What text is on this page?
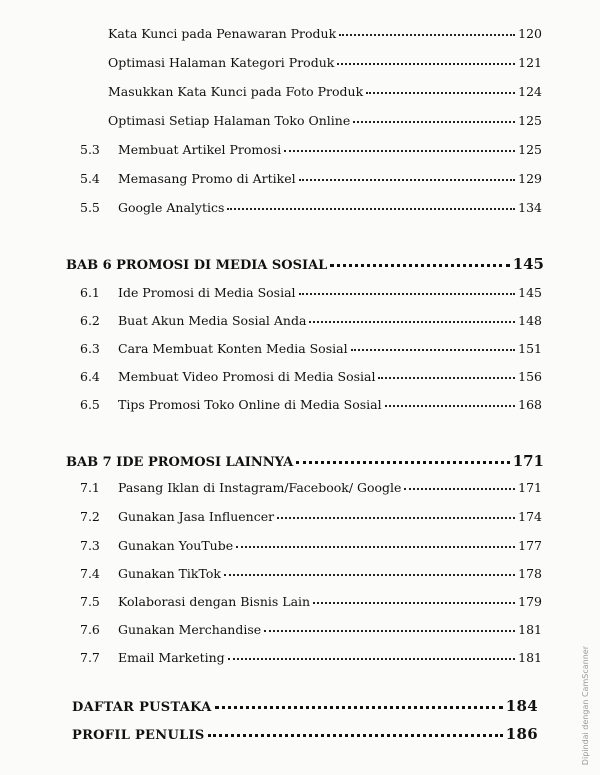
Kata Kunci pada Penawaran Produk	120
Optimasi Halaman Kategori Produk	121
Masukkan Kata Kunci pada Foto Produk	124
Optimasi Setiap Halaman Toko Online	125
5.3	Membuat Artikel Promosi	125
5.4	Memasang Promo di Artikel	129
5.5	Google Analytics	134
BAB 6 PROMOSI DI MEDIA SOSIAL	145
6.1	Ide Promosi di Media Sosial	145
6.2	Buat Akun Media Sosial Anda	148
6.3	Cara Membuat Konten Media Sosial	151
6.4	Membuat Video Promosi di Media Sosial	156
6.5	Tips Promosi Toko Online di Media Sosial	168
BAB 7 IDE PROMOSI LAINNYA	171
7.1	Pasang Iklan di Instagram/Facebook/ Google	171
7.2	Gunakan Jasa Influencer	174
7.3	Gunakan YouTube	177
7.4	Gunakan TikTok	178
7.5	Kolaborasi dengan Bisnis Lain	179
7.6	Gunakan Merchandise	181
7.7	Email Marketing	181
DAFTAR PUSTAKA	184
PROFIL PENULIS	186	Dipindai dengan CamScanner
